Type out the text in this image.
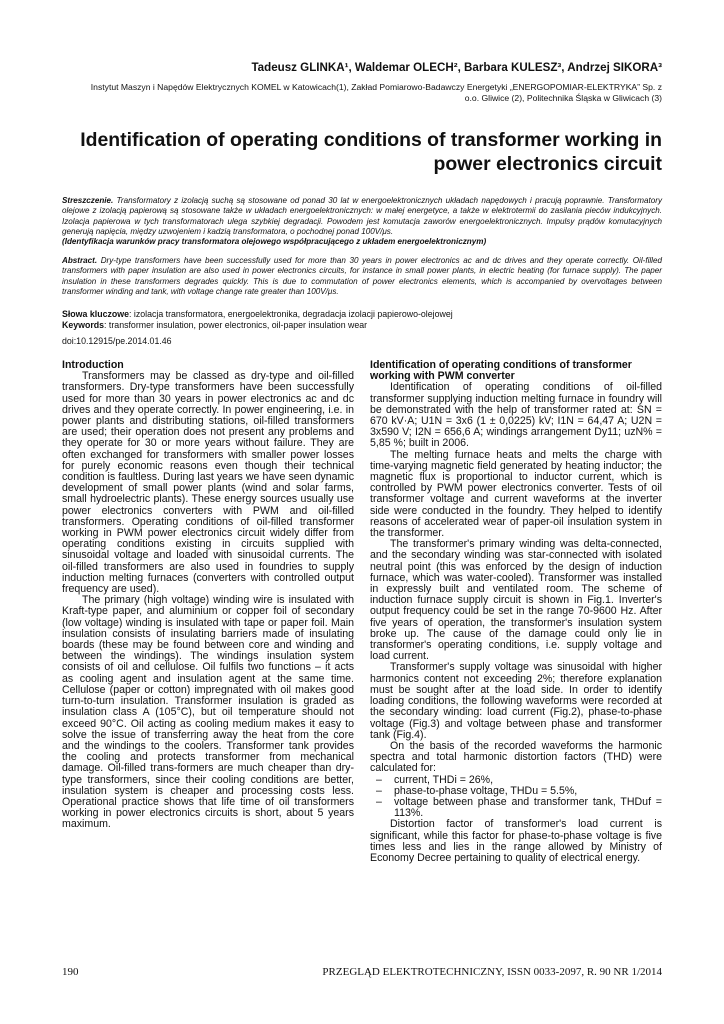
Tadeusz GLINKA¹, Waldemar OLECH², Barbara KULESZ³, Andrzej SIKORA³
Instytut Maszyn i Napędów Elektrycznych KOMEL w Katowicach(1), Zakład Pomiarowo-Badawczy Energetyki „ENERGOPOMIAR-ELEKTRYKA” Sp. z o.o. Gliwice (2), Politechnika Śląska w Gliwicach (3)
Identification of operating conditions of transformer working in power electronics circuit
Streszczenie. Transformatory z izolacją suchą są stosowane od ponad 30 lat w energoelektronicznych układach napędowych i pracują poprawnie. Transformatory olejowe z izolacją papierową są stosowane także w układach energoelektronicznych: w małej energetyce, a także w elektrotermii do zasilania pieców indukcyjnych. Izolacja papierowa w tych transformatorach ulega szybkiej degradacji. Powodem jest komutacja zaworów energoelektronicznych. Impulsy prądów komutacyjnych generują napięcia, między uzwojeniem i kadzią transformatora, o pochodnej ponad 100V/μs.
(Identyfikacja warunków pracy transformatora olejowego współpracującego z układem energoelektronicznym)
Abstract. Dry-type transformers have been successfully used for more than 30 years in power electronics ac and dc drives and they operate correctly. Oil-filled transformers with paper insulation are also used in power electronics circuits, for instance in small power plants, in electric heating (for furnace supply). The paper insulation in these transformers degrades quickly. This is due to commutation of power electronics elements, which is accompanied by overvoltages between transformer winding and tank, with voltage change rate greater than 100V/μs.
Słowa kluczowe: izolacja transformatora, energoelektronika, degradacja izolacji papierowo-olejowej
Keywords: transformer insulation, power electronics, oil-paper insulation wear
doi:10.12915/pe.2014.01.46
Introduction

Transformers may be classed as dry-type and oil-filled transformers. Dry-type transformers have been successfully used for more than 30 years in power electronics ac and dc drives and they operate correctly. In power engineering, i.e. in power plants and distributing stations, oil-filled transformers are used; their operation does not present any problems and they operate for 30 or more years without failure. They are often exchanged for transformers with smaller power losses for purely economic reasons even though their technical condition is faultless. During last years we have seen dynamic development of small power plants (wind and solar farms, small hydroelectric plants). These energy sources usually use power electronics converters with PWM and oil-filled transformers. Operating conditions of oil-filled transformer working in PWM power electronics circuit widely differ from operating conditions existing in circuits supplied with sinusoidal voltage and loaded with sinusoidal currents. The oil-filled transformers are also used in foundries to supply induction melting furnaces (converters with controlled output frequency are used).

The primary (high voltage) winding wire is insulated with Kraft-type paper, and aluminium or copper foil of secondary (low voltage) winding is insulated with tape or paper foil. Main insulation consists of insulating barriers made of insulating boards (these may be found between core and winding and between the windings). The windings insulation system consists of oil and cellulose. Oil fulfils two functions – it acts as cooling agent and insulation agent at the same time. Cellulose (paper or cotton) impregnated with oil makes good turn-to-turn insulation. Transformer insulation is graded as insulation class A (105°C), but oil temperature should not exceed 90°C. Oil acting as cooling medium makes it easy to solve the issue of transferring away the heat from the core and the windings to the coolers. Transformer tank provides the cooling and protects transformer from mechanical damage. Oil-filled trans-formers are much cheaper than dry-type transformers, since their cooling conditions are better, insulation system is cheaper and processing costs less. Operational practice shows that life time of oil transformers working in power electronics circuits is short, about 5 years maximum.

Identification of operating conditions of transformer working with PWM converter

Identification of operating conditions of oil-filled transformer supplying induction melting furnace in foundry will be demonstrated with the help of transformer rated at: SN = 670 kV·A; U1N = 3x6 (1 ± 0,0225) kV; I1N = 64,47 A; U2N = 3x590 V; I2N = 656,6 A; windings arrangement Dy11; uzN% = 5,85 %; built in 2006.

The melting furnace heats and melts the charge with time-varying magnetic field generated by heating inductor; the magnetic flux is proportional to inductor current, which is controlled by PWM power electronics converter. Tests of oil transformer voltage and current waveforms at the inverter side were conducted in the foundry. They helped to identify reasons of accelerated wear of paper-oil insulation system in the transformer.

The transformer's primary winding was delta-connected, and the secondary winding was star-connected with isolated neutral point (this was enforced by the design of induction furnace, which was water-cooled). Transformer was installed in expressly built and ventilated room. The scheme of induction furnace supply circuit is shown in Fig.1. Inverter's output frequency could be set in the range 70-9600 Hz. After five years of operation, the transformer's insulation system broke up. The cause of the damage could only lie in transformer's operating conditions, i.e. supply voltage and load current.

Transformer's supply voltage was sinusoidal with higher harmonics content not exceeding 2%; therefore explanation must be sought after at the load side. In order to identify loading conditions, the following waveforms were recorded at the secondary winding: load current (Fig.2), phase-to-phase voltage (Fig.3) and voltage between phase and transformer tank (Fig.4).

On the basis of the recorded waveforms the harmonic spectra and total harmonic distortion factors (THD) were calculated for:

– current, THDi = 26%,
– phase-to-phase voltage, THDu = 5.5%,
– voltage between phase and transformer tank, THDuf = 113%.

Distortion factor of transformer's load current is significant, while this factor for phase-to-phase voltage is five times less and lies in the range allowed by Ministry of Economy Decree pertaining to quality of electrical energy.

190	PRZEGLĄD ELEKTROTECHNICZNY, ISSN 0033-2097, R. 90 NR 1/2014
